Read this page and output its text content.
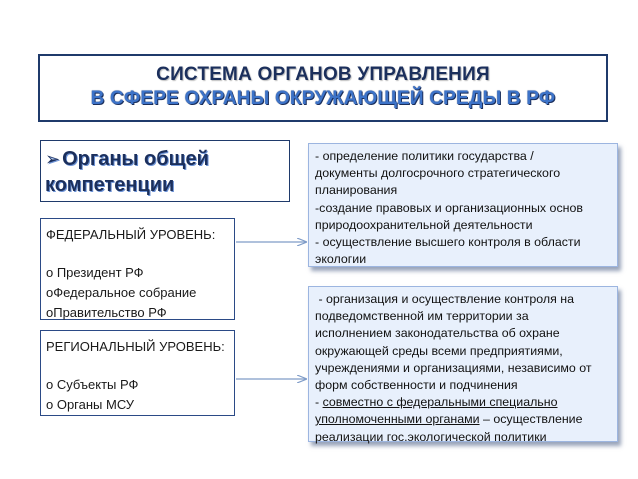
СИСТЕМА ОРГАНОВ УПРАВЛЕНИЯ
В СФЕРЕ ОХРАНЫ ОКРУЖАЮЩЕЙ СРЕДЫ В РФ
➢ Органы общей
компетенции
ФЕДЕРАЛЬНЫЙ УРОВЕНЬ:
o Президент РФ
oФедеральное собрание
oПравительство РФ
РЕГИОНАЛЬНЫЙ УРОВЕНЬ:
o Субъекты РФ
o Органы МСУ
- определение политики государства /
документы долгосрочного стратегического
планирования
-создание правовых и организационных основ
природоохранительной деятельности
- осуществление высшего контроля в области
экологии
- организация и осуществление контроля на
подведомственной им территории за
исполнением законодательства об охране
окружающей среды всеми предприятиями,
учреждениями и организациями, независимо от
форм собственности и подчинения
- совместно с федеральными специально
уполномоченными органами – осуществление
реализации гос.экологической политики
